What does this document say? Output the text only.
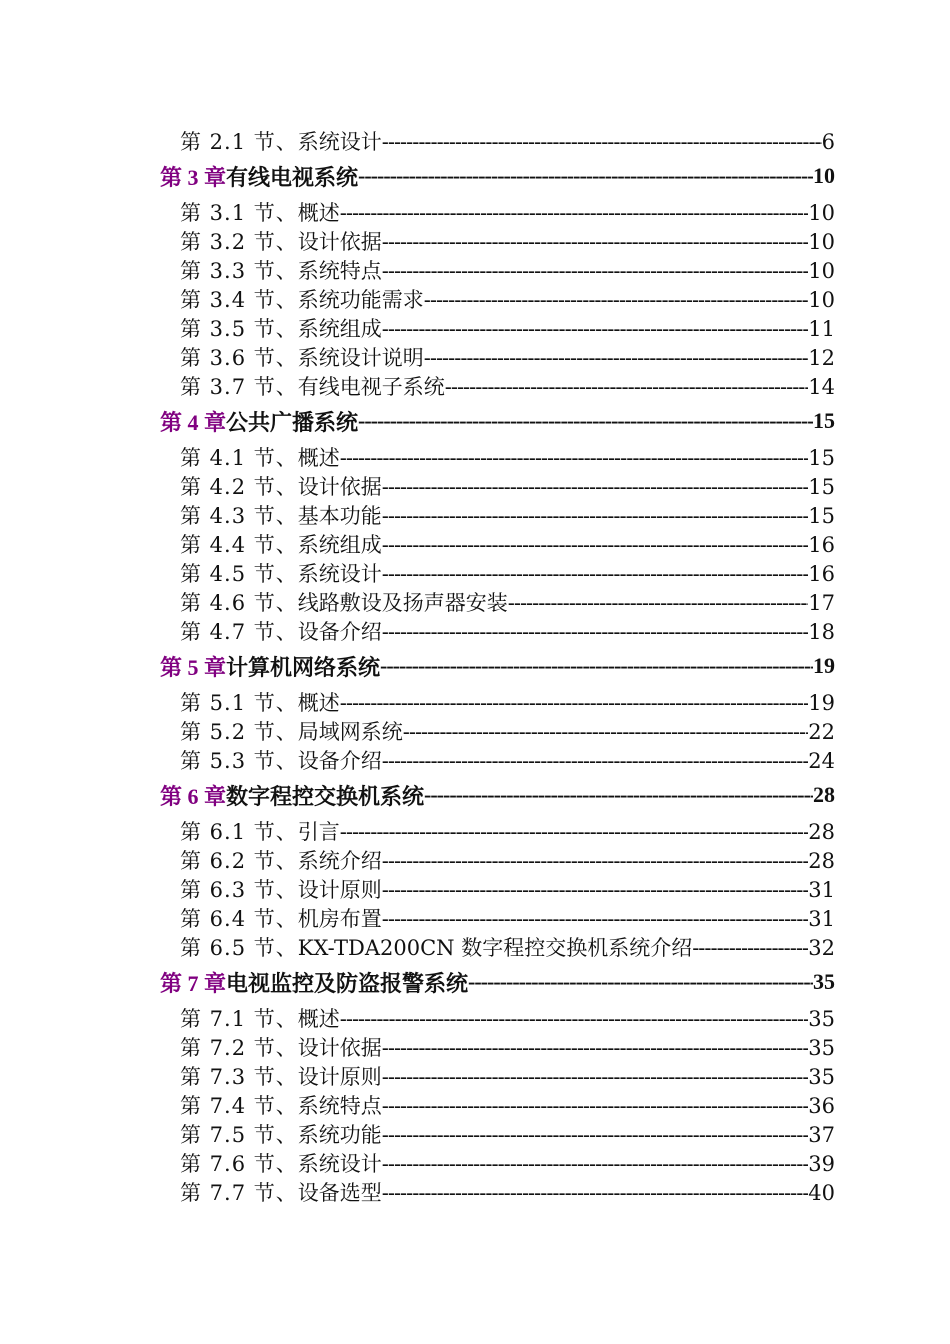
第 2.1 节、 系统设计 -----	6
第 3 章 有线电视系统 -----	10
第 3.1 节、 概述 -----	10
第 3.2 节、 设计依据 -----	10
第 3.3 节、 系统特点 -----	10
第 3.4 节、 系统功能需求 -----	10
第 3.5 节、 系统组成 -----	11
第 3.6 节、 系统设计说明 -----	12
第 3.7 节、 有线电视子系统 -----	14
第 4 章 公共广播系统 -----	15
第 4.1 节、 概述 -----	15
第 4.2 节、 设计依据 -----	15
第 4.3 节、 基本功能 -----	15
第 4.4 节、 系统组成 -----	16
第 4.5 节、 系统设计 -----	16
第 4.6 节、 线路敷设及扬声器安装 -----	17
第 4.7 节、 设备介绍 -----	18
第 5 章 计算机网络系统 -----	19
第 5.1 节、 概述 -----	19
第 5.2 节、 局域网系统 -----	22
第 5.3 节、 设备介绍 -----	24
第 6 章 数字程控交换机系统 -----	28
第 6.1 节、 引言 -----	28
第 6.2 节、 系统介绍 -----	28
第 6.3 节、 设计原则 -----	31
第 6.4 节、 机房布置 -----	31
第 6.5 节、 KX-TDA200CN 数字程控交换机系统介绍 -----	32
第 7 章 电视监控及防盗报警系统 -----	35
第 7.1 节、 概述 -----	35
第 7.2 节、 设计依据 -----	35
第 7.3 节、 设计原则 -----	35
第 7.4 节、 系统特点 -----	36
第 7.5 节、 系统功能 -----	37
第 7.6 节、 系统设计 -----	39
第 7.7 节、 设备选型 -----	40
